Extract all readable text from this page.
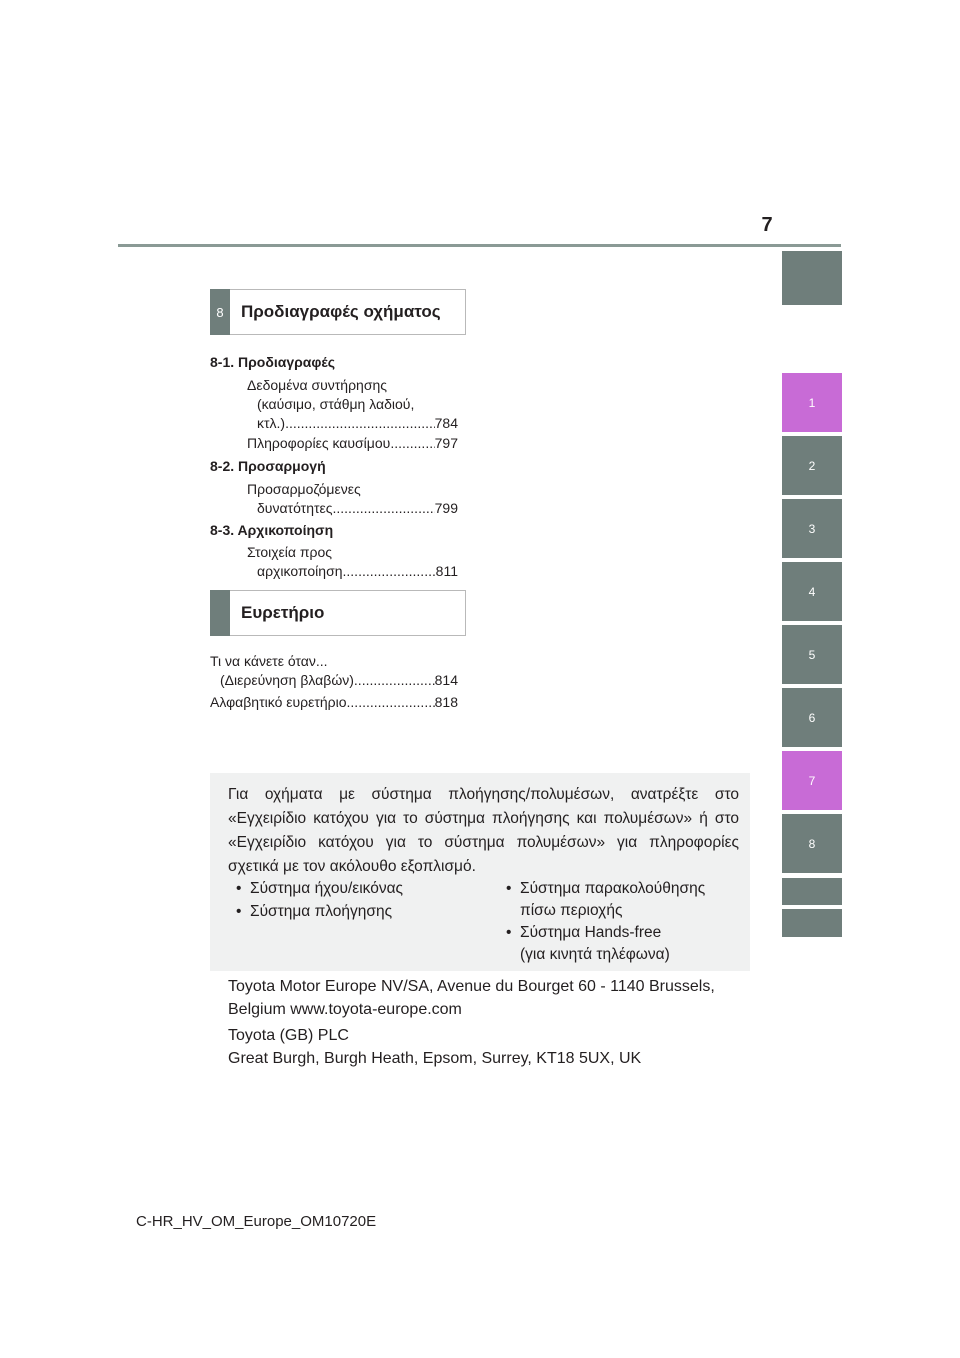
7
1
2
3
4
5
6
7
8
8	Προδιαγραφές οχήματος
8-1. Προδιαγραφές
Δεδομένα συντήρησης
(καύσιμο, στάθμη λαδιού,
κτλ.) .....	784
Πληροφορίες καυσίμου .....	797
8-2. Προσαρμογή
Προσαρμοζόμενες
δυνατότητες .....	799
8-3. Αρχικοποίηση
Στοιχεία προς
αρχικοποίηση .....	811
Ευρετήριο
Τι να κάνετε όταν...
(Διερεύνηση βλαβών) .....	814
Αλφαβητικό ευρετήριο .....	818
Για οχήματα με σύστημα πλοήγησης/πολυμέσων, ανατρέξτε στο «Εγχειρίδιο κατόχου για το σύστημα πλοήγησης και πολυμέσων» ή στο «Εγχειρίδιο κατόχου για το σύστημα πολυμέσων» για πληροφορίες σχετικά με τον ακόλουθο εξοπλισμό.
• Σύστημα ήχου/εικόνας
• Σύστημα πλοήγησης
• Σύστημα παρακολούθησης
πίσω περιοχής
• Σύστημα Hands-free
(για κινητά τηλέφωνα)
Toyota Motor Europe NV/SA, Avenue du Bourget 60 - 1140 Brussels,
Belgium www.toyota-europe.com
Toyota (GB) PLC
Great Burgh, Burgh Heath, Epsom, Surrey, KT18 5UX, UK
C-HR_HV_OM_Europe_OM10720E
